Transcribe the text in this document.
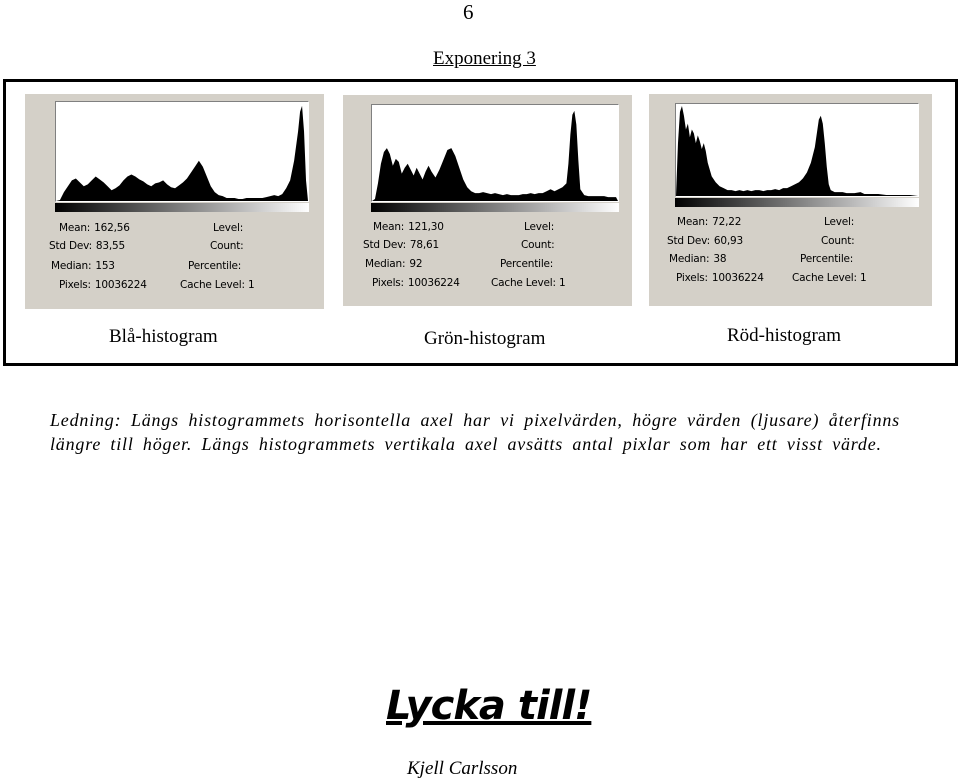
6
Exponering 3
Mean: 162,56
Std Dev: 83,55
Median: 153
Pixels: 10036224
Level:
Count:
Percentile:
Cache Level: 1
Mean: 121,30
Std Dev: 78,61
Median: 92
Pixels: 10036224
Level:
Count:
Percentile:
Cache Level: 1
Mean: 72,22
Std Dev: 60,93
Median: 38
Pixels: 10036224
Level:
Count:
Percentile:
Cache Level: 1
Blå-histogram	Grön-histogram	Röd-histogram
Ledning: Längs histogrammets horisontella axel har vi pixelvärden, högre värden (ljusare) återfinns längre till höger. Längs histogrammets vertikala axel avsätts antal pixlar som har ett visst värde.
Lycka till!
Kjell Carlsson
